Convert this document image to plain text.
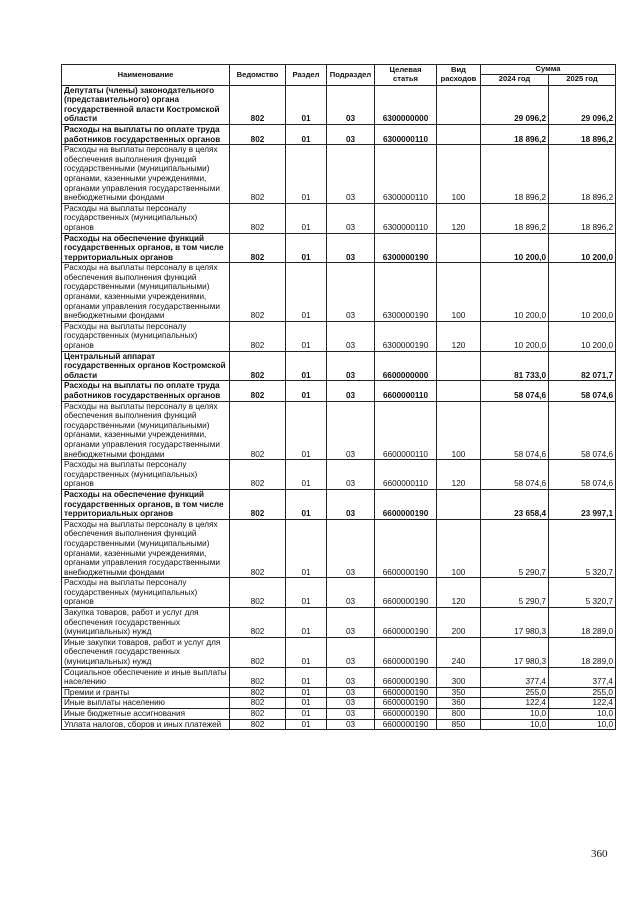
Наименование	Ведомство	Раздел	Подраздел	Целевая статья	Вид расходов	Сумма	
						2024 год	2025 год
Депутаты (члены) законодательного (представительного) органа государственной власти Костромской области	802	01	03	6300000000		29 096,2	29 096,2
Расходы на выплаты по оплате труда работников государственных органов	802	01	03	6300000110		18 896,2	18 896,2
Расходы на выплаты персоналу в целях обеспечения выполнения функций государственными (муниципальными) органами, казенными учреждениями, органами управления государственными внебюджетными фондами	802	01	03	6300000110	100	18 896,2	18 896,2
Расходы на выплаты персоналу государственных (муниципальных) органов	802	01	03	6300000110	120	18 896,2	18 896,2
Расходы на обеспечение функций государственных органов, в том числе территориальных органов	802	01	03	6300000190		10 200,0	10 200,0
Расходы на выплаты персоналу в целях обеспечения выполнения функций государственными (муниципальными) органами, казенными учреждениями, органами управления государственными внебюджетными фондами	802	01	03	6300000190	100	10 200,0	10 200,0
Расходы на выплаты персоналу государственных (муниципальных) органов	802	01	03	6300000190	120	10 200,0	10 200,0
Центральный аппарат государственных органов Костромской области	802	01	03	6600000000		81 733,0	82 071,7
Расходы на выплаты по оплате труда работников государственных органов	802	01	03	6600000110		58 074,6	58 074,6
Расходы на выплаты персоналу в целях обеспечения выполнения функций государственными (муниципальными) органами, казенными учреждениями, органами управления государственными внебюджетными фондами	802	01	03	6600000110	100	58 074,6	58 074,6
Расходы на выплаты персоналу государственных (муниципальных) органов	802	01	03	6600000110	120	58 074,6	58 074,6
Расходы на обеспечение функций государственных органов, в том числе территориальных органов	802	01	03	6600000190		23 658,4	23 997,1
Расходы на выплаты персоналу в целях обеспечения выполнения функций государственными (муниципальными) органами, казенными учреждениями, органами управления государственными внебюджетными фондами	802	01	03	6600000190	100	5 290,7	5 320,7
Расходы на выплаты персоналу государственных (муниципальных) органов	802	01	03	6600000190	120	5 290,7	5 320,7
Закупка товаров, работ и услуг для обеспечения государственных (муниципальных) нужд	802	01	03	6600000190	200	17 980,3	18 289,0
Иные закупки товаров, работ и услуг для обеспечения государственных (муниципальных) нужд	802	01	03	6600000190	240	17 980,3	18 289,0
Социальное обеспечение и иные выплаты населению	802	01	03	6600000190	300	377,4	377,4
Премии и гранты	802	01	03	6600000190	350	255,0	255,0
Иные выплаты населению	802	01	03	6600000190	360	122,4	122,4
Иные бюджетные ассигнования	802	01	03	6600000190	800	10,0	10,0
Уплата налогов, сборов и иных платежей	802	01	03	6600000190	850	10,0	10,0
360
